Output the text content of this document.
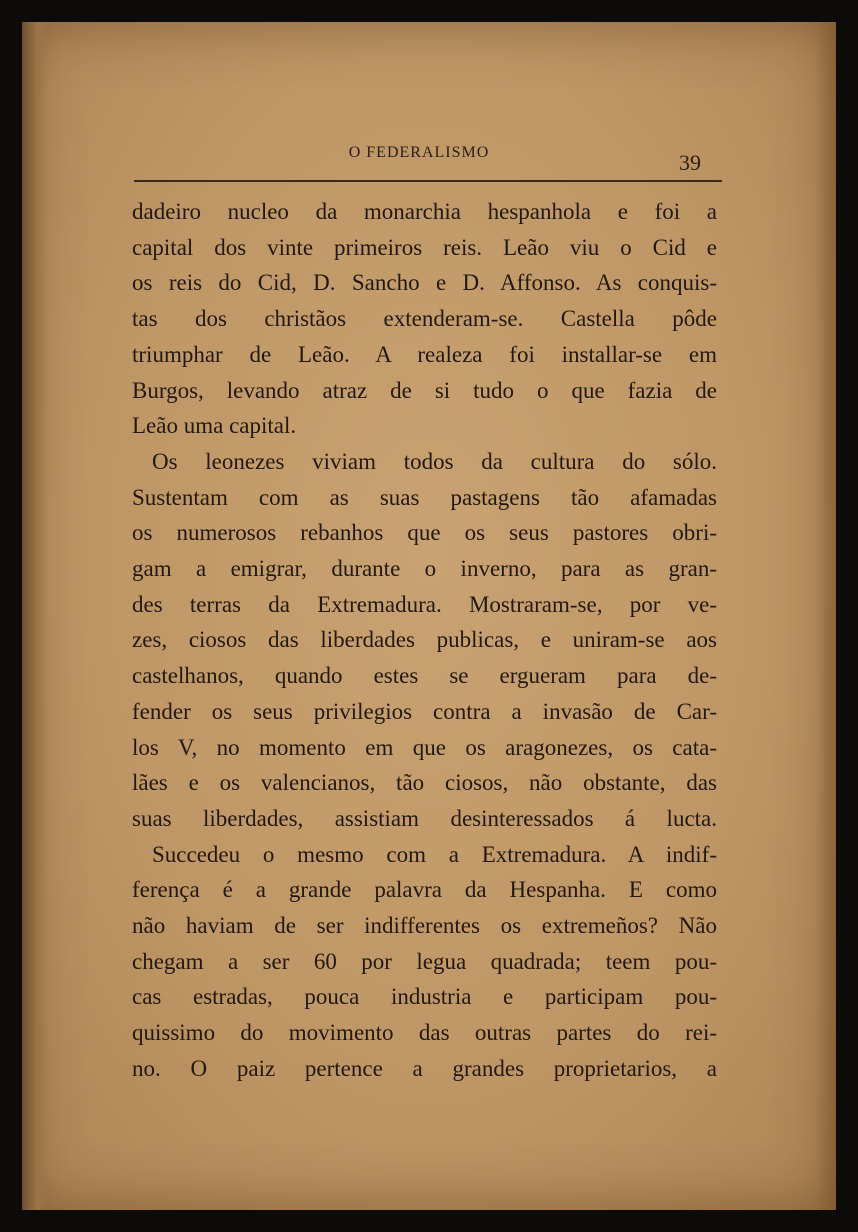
O FEDERALISMO	39
dadeiro nucleo da monarchia hespanhola e foi a
capital dos vinte primeiros reis. Leão viu o Cid e
os reis do Cid, D. Sancho e D. Affonso. As conquis-
tas dos christãos extenderam-se. Castella pôde
triumphar de Leão. A realeza foi installar-se em
Burgos, levando atraz de si tudo o que fazia de
Leão uma capital.
Os leonezes viviam todos da cultura do sólo.
Sustentam com as suas pastagens tão afamadas
os numerosos rebanhos que os seus pastores obri-
gam a emigrar, durante o inverno, para as gran-
des terras da Extremadura. Mostraram-se, por ve-
zes, ciosos das liberdades publicas, e uniram-se aos
castelhanos, quando estes se ergueram para de-
fender os seus privilegios contra a invasão de Car-
los V, no momento em que os aragonezes, os cata-
lães e os valencianos, tão ciosos, não obstante, das
suas liberdades, assistiam desinteressados á lucta.
Succedeu o mesmo com a Extremadura. A indif-
ferença é a grande palavra da Hespanha. E como
não haviam de ser indifferentes os extremeños? Não
chegam a ser 60 por legua quadrada; teem pou-
cas estradas, pouca industria e participam pou-
quissimo do movimento das outras partes do rei-
no. O paiz pertence a grandes proprietarios, a
